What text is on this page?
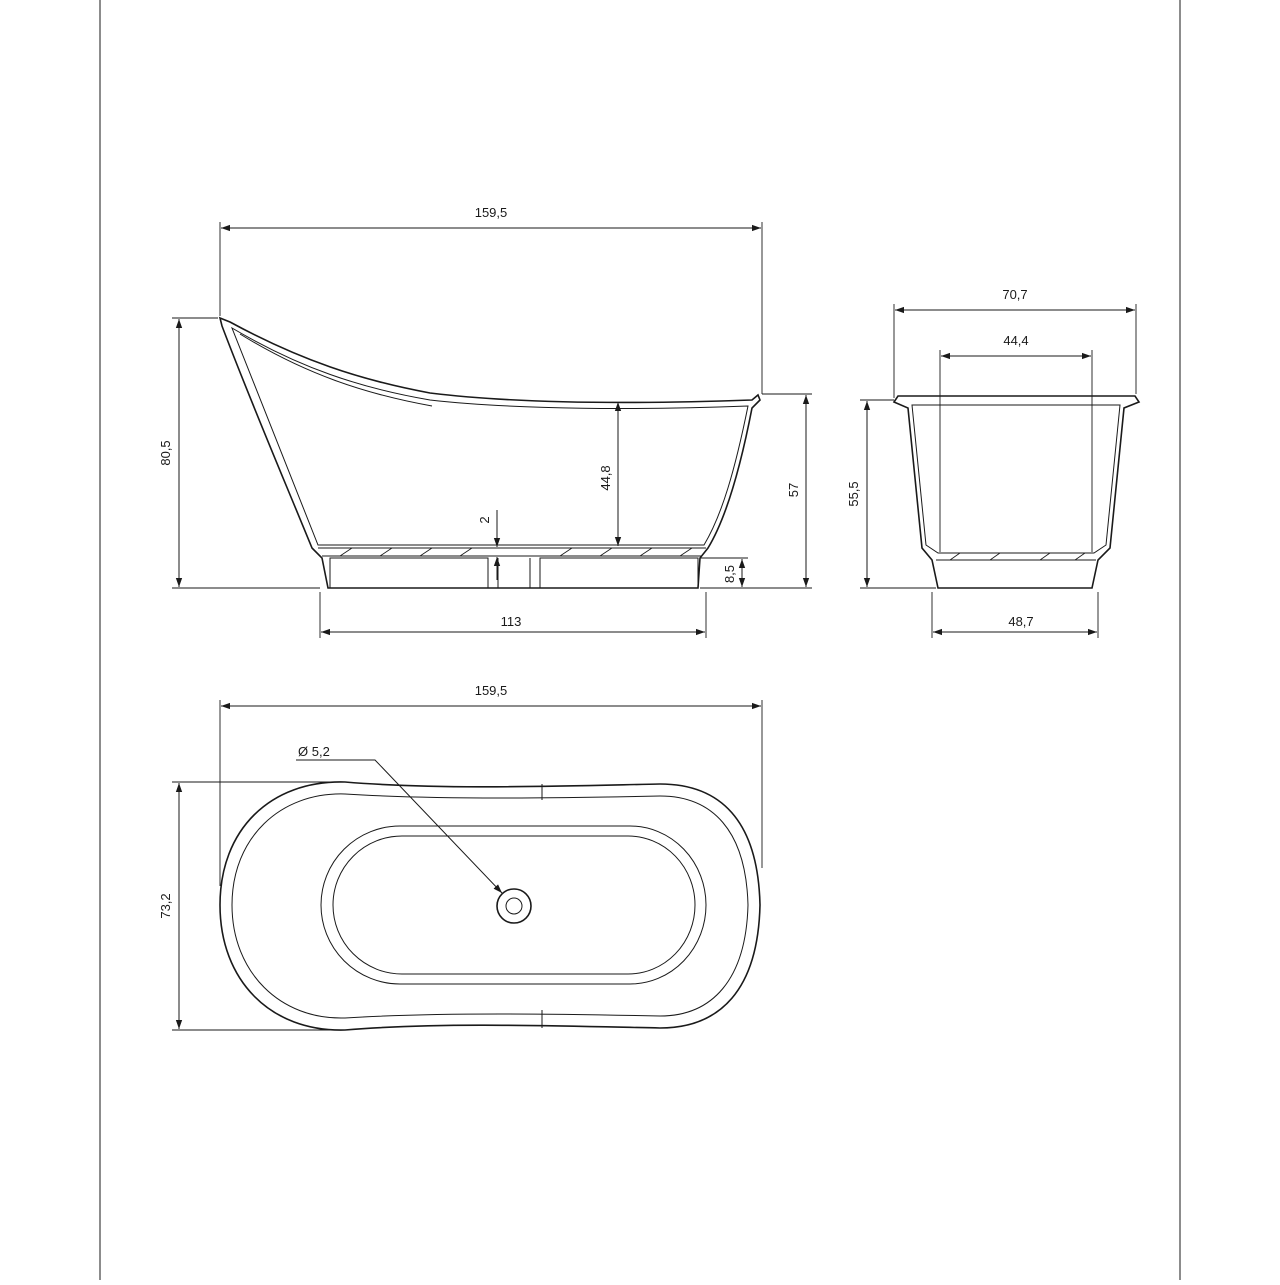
159,5
80,5
44,8
2
57
8,5
113
70,7
44,4
55,5
48,7
Ø 5,2
159,5
73,2
